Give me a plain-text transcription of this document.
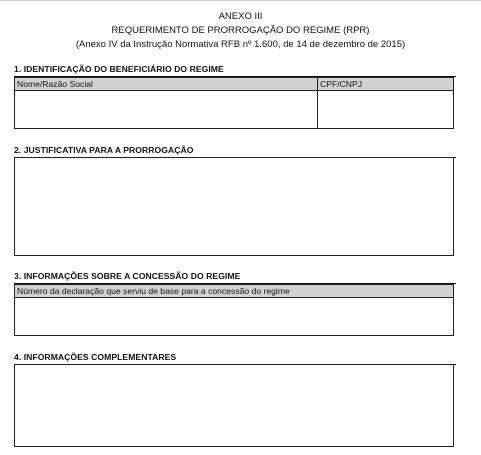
ANEXO III
REQUERIMENTO DE PRORROGAÇÃO DO REGIME (RPR)
(Anexo IV da Instrução Normativa RFB nº 1.600, de 14 de dezembro de 2015)
1. IDENTIFICAÇÃO DO BENEFICIÁRIO DO REGIME
Nome/Razão Social	CPF/CNPJ
2. JUSTIFICATIVA PARA A PRORROGAÇÃO
3. INFORMAÇÕES SOBRE A CONCESSÃO DO REGIME
Número da declaração que serviu de base para a concessão do regime
4. INFORMAÇÕES COMPLEMENTARES
